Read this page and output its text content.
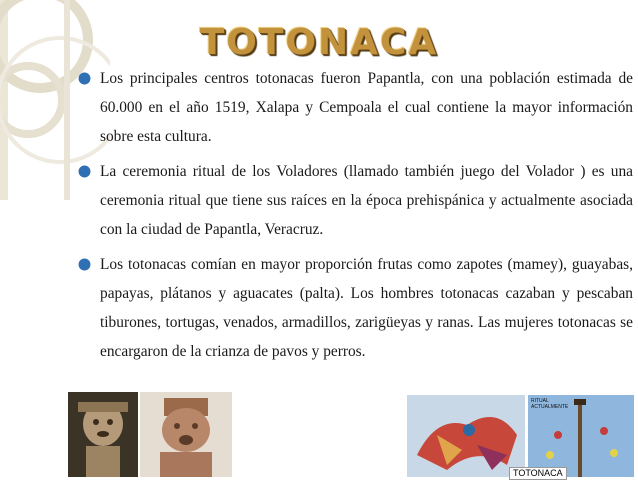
TOTONACA

Los principales centros totonacas fueron Papantla, con una población estimada de 60.000 en el año 1519, Xalapa y Cempoala el cual contiene la mayor información sobre esta cultura.

La ceremonia ritual de los Voladores (llamado también juego del Volador ) es una ceremonia ritual que tiene sus raíces en la época prehispánica y actualmente asociada con la ciudad de Papantla, Veracruz.

Los totonacas comían en mayor proporción frutas como zapotes (mamey), guayabas, papayas, plátanos y aguacates (palta). Los hombres totonacas cazaban y pescaban tiburones, tortugas, venados, armadillos, zarigüeyas y ranas. Las mujeres totonacas se encargaron de la crianza de pavos y perros.

RITUAL ACTUALMENTE
TOTONACA
